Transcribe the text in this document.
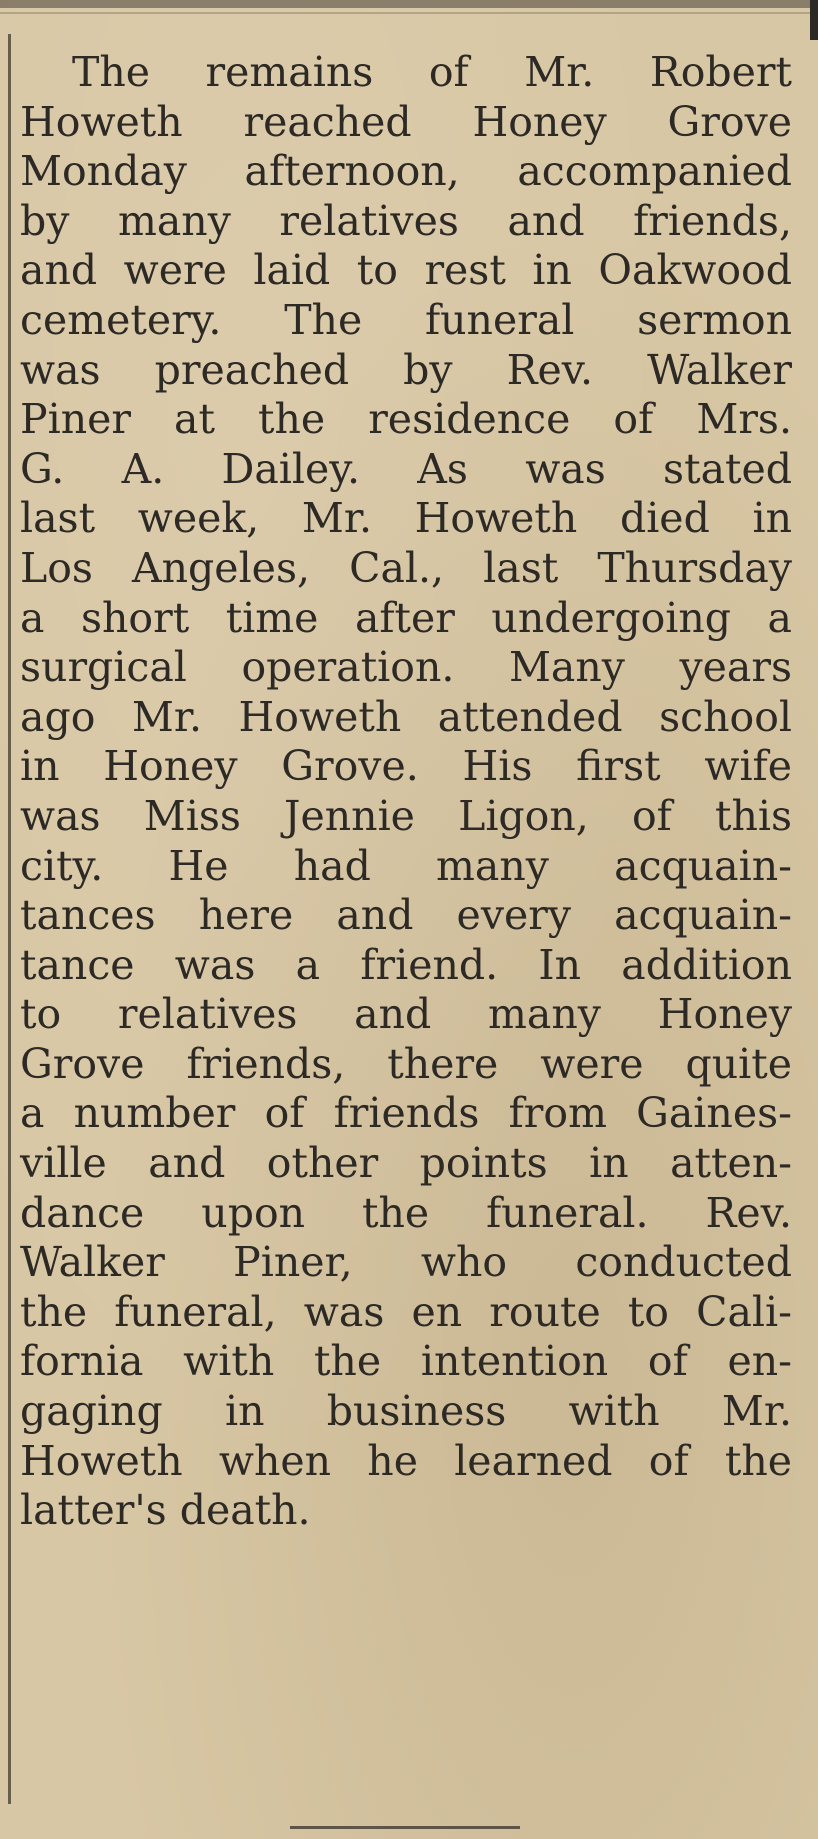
The remains of Mr. Robert
Howeth reached Honey Grove
Monday afternoon, accompanied
by many relatives and friends,
and were laid to rest in Oakwood
cemetery. The funeral sermon
was preached by Rev. Walker
Piner at the residence of Mrs.
G. A. Dailey. As was stated
last week, Mr. Howeth died in
Los Angeles, Cal., last Thursday
a short time after undergoing a
surgical operation. Many years
ago Mr. Howeth attended school
in Honey Grove. His first wife
was Miss Jennie Ligon, of this
city. He had many acquain-
tances here and every acquain-
tance was a friend. In addition
to relatives and many Honey
Grove friends, there were quite
a number of friends from Gaines-
ville and other points in atten-
dance upon the funeral. Rev.
Walker Piner, who conducted
the funeral, was en route to Cali-
fornia with the intention of en-
gaging in business with Mr.
Howeth when he learned of the
latter's death.
